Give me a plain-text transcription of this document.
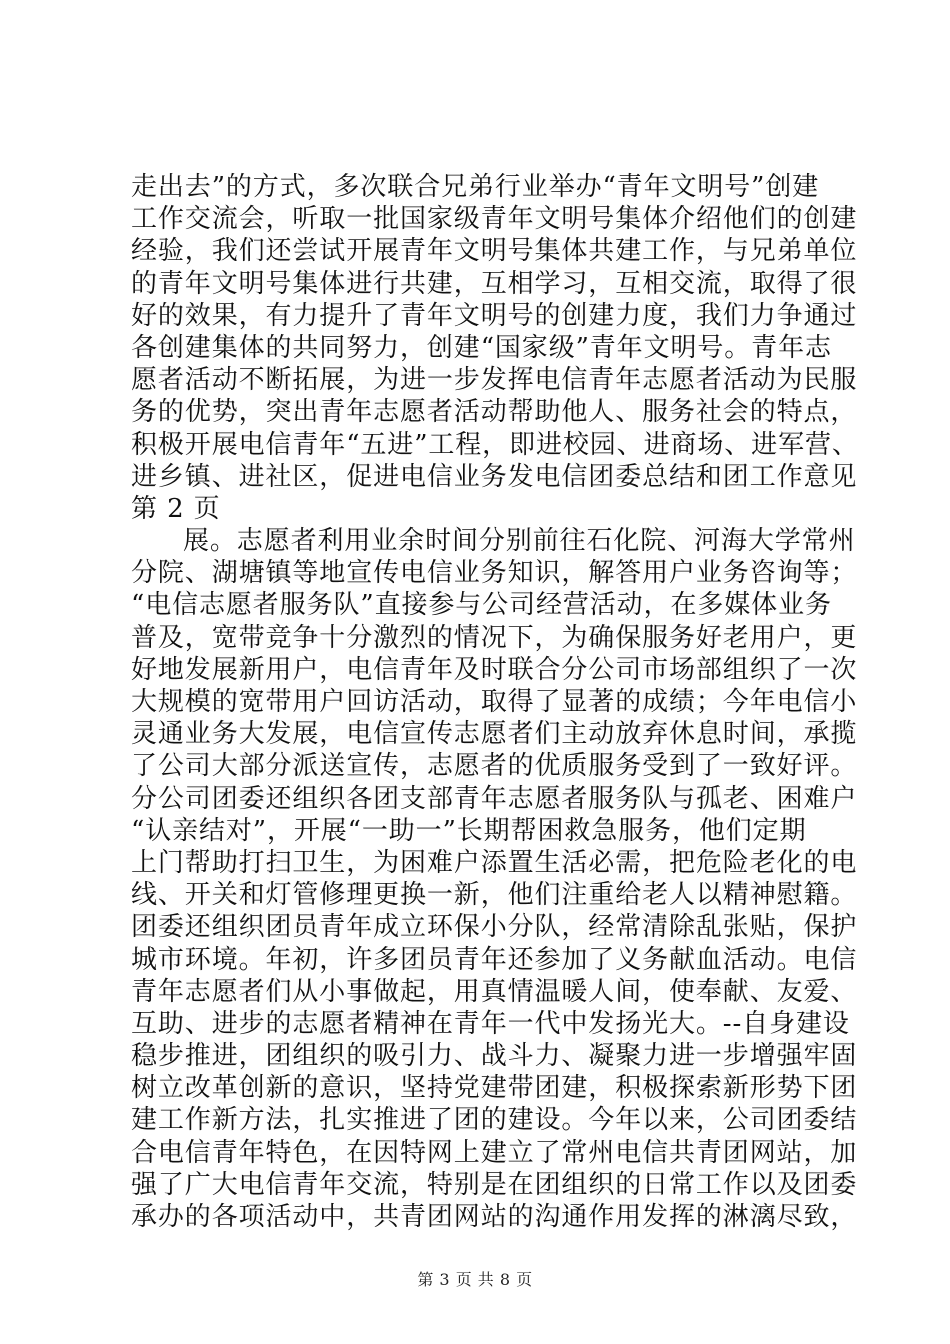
走出去”的方式，多次联合兄弟行业举办“青年文明号”创建
工作交流会，听取一批国家级青年文明号集体介绍他们的创建
经验，我们还尝试开展青年文明号集体共建工作，与兄弟单位
的青年文明号集体进行共建，互相学习，互相交流，取得了很
好的效果，有力提升了青年文明号的创建力度，我们力争通过
各创建集体的共同努力，创建“国家级”青年文明号。青年志
愿者活动不断拓展，为进一步发挥电信青年志愿者活动为民服
务的优势，突出青年志愿者活动帮助他人、服务社会的特点，
积极开展电信青年“五进”工程，即进校园、进商场、进军营、
进乡镇、进社区，促进电信业务发电信团委总结和团工作意见
第 2 页
展。志愿者利用业余时间分别前往石化院、河海大学常州
分院、湖塘镇等地宣传电信业务知识，解答用户业务咨询等；
“电信志愿者服务队”直接参与公司经营活动，在多媒体业务
普及，宽带竞争十分激烈的情况下，为确保服务好老用户，更
好地发展新用户，电信青年及时联合分公司市场部组织了一次
大规模的宽带用户回访活动，取得了显著的成绩；今年电信小
灵通业务大发展，电信宣传志愿者们主动放弃休息时间，承揽
了公司大部分派送宣传，志愿者的优质服务受到了一致好评。
分公司团委还组织各团支部青年志愿者服务队与孤老、困难户
“认亲结对”，开展“一助一”长期帮困救急服务，他们定期
上门帮助打扫卫生，为困难户添置生活必需，把危险老化的电
线、开关和灯管修理更换一新，他们注重给老人以精神慰籍。
团委还组织团员青年成立环保小分队，经常清除乱张贴，保护
城市环境。年初，许多团员青年还参加了义务献血活动。电信
青年志愿者们从小事做起，用真情温暖人间，使奉献、友爱、
互助、进步的志愿者精神在青年一代中发扬光大。--自身建设
稳步推进，团组织的吸引力、战斗力、凝聚力进一步增强牢固
树立改革创新的意识，坚持党建带团建，积极探索新形势下团
建工作新方法，扎实推进了团的建设。今年以来，公司团委结
合电信青年特色，在因特网上建立了常州电信共青团网站，加
强了广大电信青年交流，特别是在团组织的日常工作以及团委
承办的各项活动中，共青团网站的沟通作用发挥的淋漓尽致，
第 3 页 共 8 页
